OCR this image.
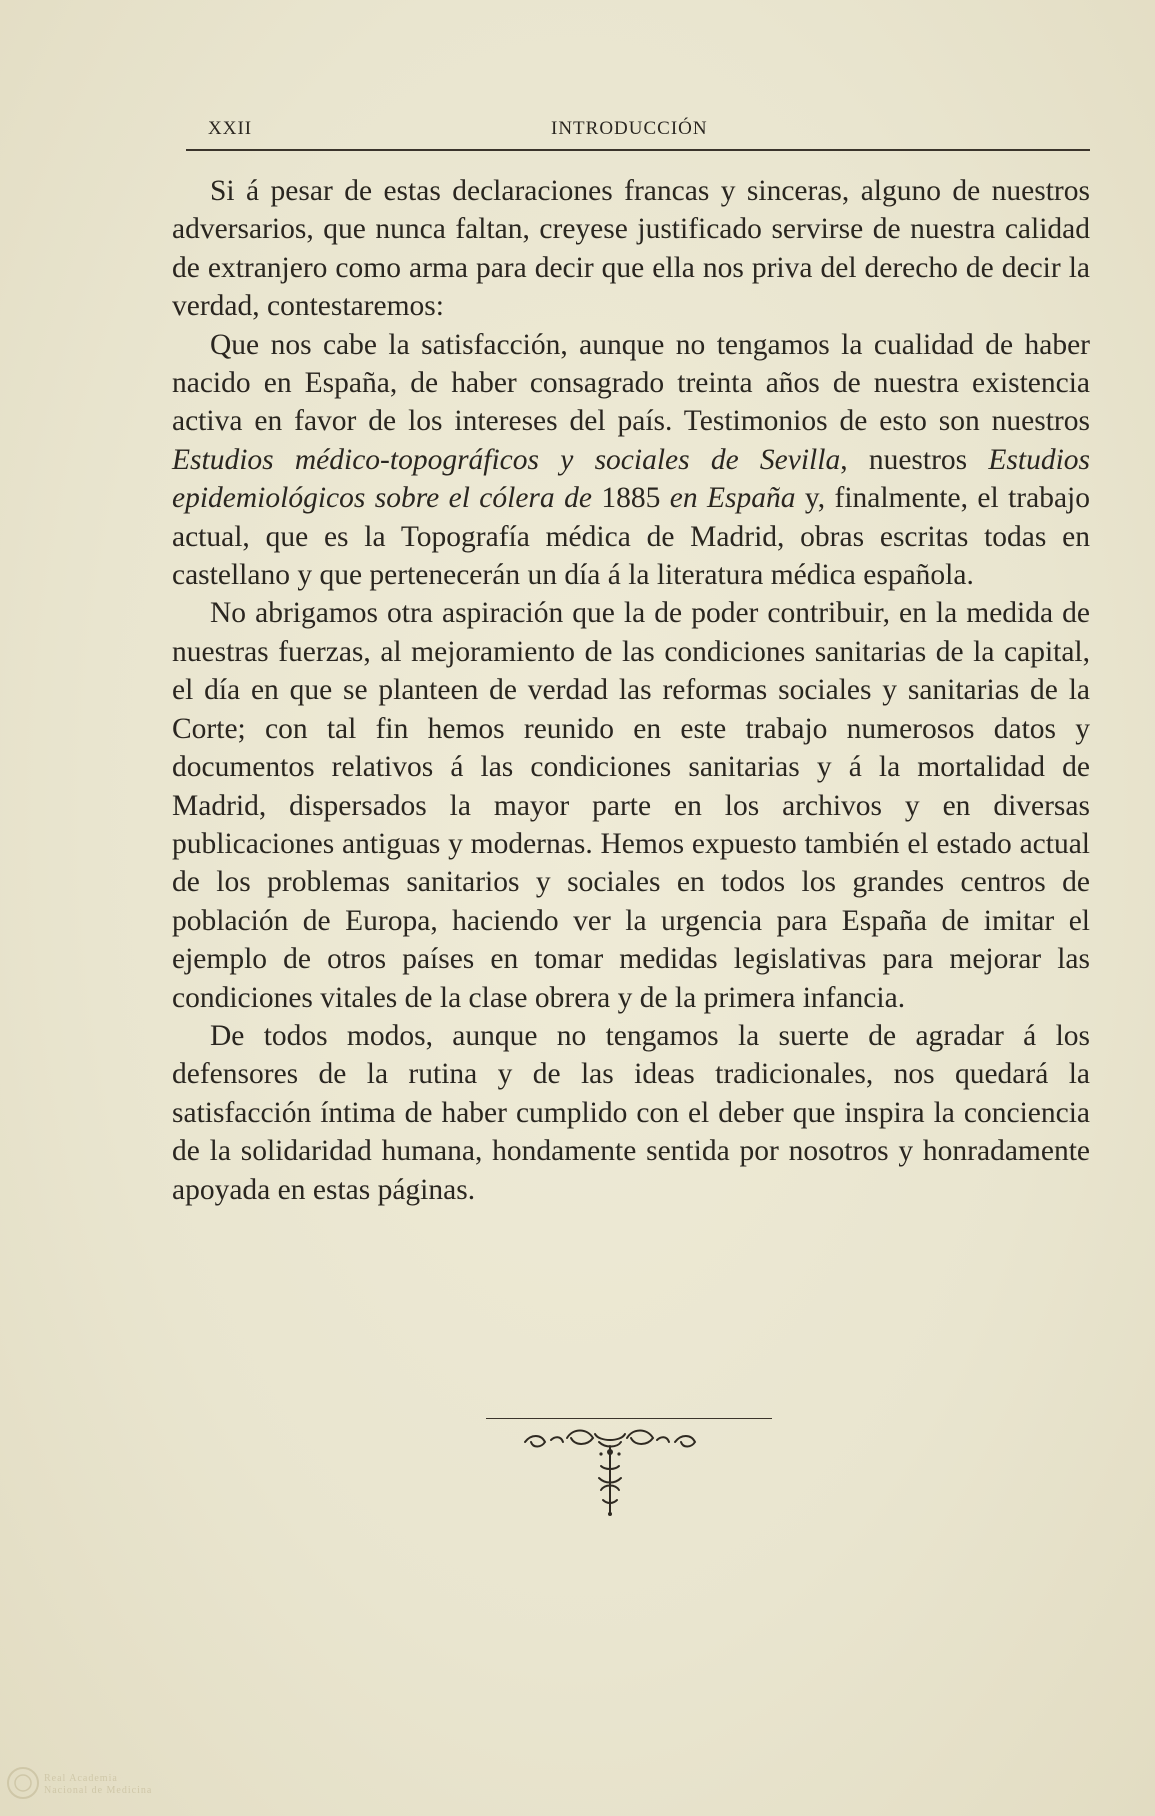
XXII	INTRODUCCIÓN

Si á pesar de estas declaraciones francas y sinceras, alguno de nuestros adversarios, que nunca faltan, creyese justificado servirse de nuestra calidad de extranjero como arma para decir que ella nos priva del derecho de decir la verdad, contestaremos:

Que nos cabe la satisfacción, aunque no tengamos la cualidad de haber nacido en España, de haber consagrado treinta años de nuestra existencia activa en favor de los intereses del país. Testimonios de esto son nuestros Estudios médico-topográficos y sociales de Sevilla, nuestros Estudios epidemiológicos sobre el cólera de 1885 en España y, finalmente, el trabajo actual, que es la Topografía médica de Madrid, obras escritas todas en castellano y que pertenecerán un día á la literatura médica española.

No abrigamos otra aspiración que la de poder contribuir, en la medida de nuestras fuerzas, al mejoramiento de las condiciones sanitarias de la capital, el día en que se planteen de verdad las reformas sociales y sanitarias de la Corte; con tal fin hemos reunido en este trabajo numerosos datos y documentos relativos á las condiciones sanitarias y á la mortalidad de Madrid, dispersados la mayor parte en los archivos y en diversas publicaciones antiguas y modernas. Hemos expuesto también el estado actual de los problemas sanitarios y sociales en todos los grandes centros de población de Europa, haciendo ver la urgencia para España de imitar el ejemplo de otros países en tomar medidas legislativas para mejorar las condiciones vitales de la clase obrera y de la primera infancia.

De todos modos, aunque no tengamos la suerte de agradar á los defensores de la rutina y de las ideas tradicionales, nos quedará la satisfacción íntima de haber cumplido con el deber que inspira la conciencia de la solidaridad humana, hondamente sentida por nosotros y honradamente apoyada en estas páginas.

Real Academia
Nacional de Medicina
